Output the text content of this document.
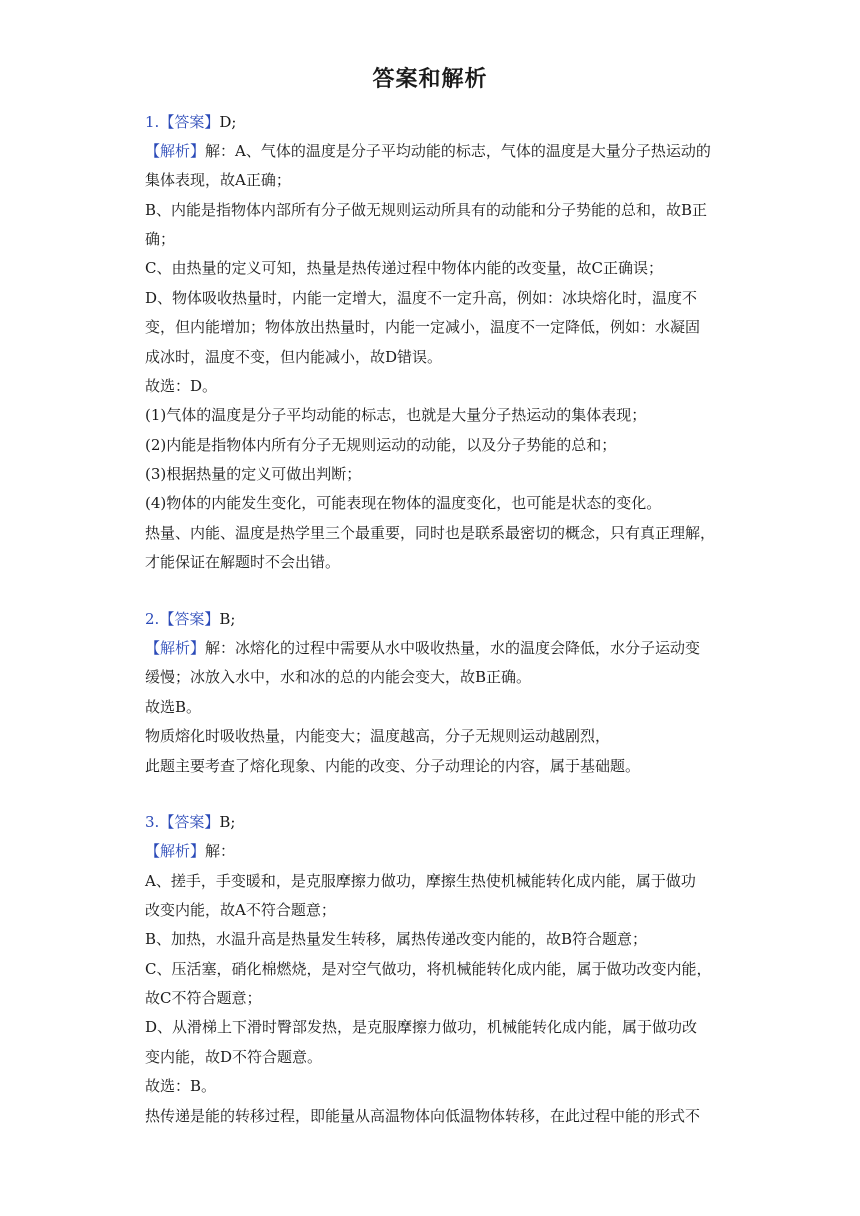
答案和解析
1.【答案】D;
【解析】解：A、气体的温度是分子平均动能的标志，气体的温度是大量分子热运动的
集体表现，故A正确；
B、内能是指物体内部所有分子做无规则运动所具有的动能和分子势能的总和，故B正
确；
C、由热量的定义可知，热量是热传递过程中物体内能的改变量，故C正确误；
D、物体吸收热量时，内能一定增大，温度不一定升高，例如：冰块熔化时，温度不
变，但内能增加；物体放出热量时，内能一定减小，温度不一定降低，例如：水凝固
成冰时，温度不变，但内能减小，故D错误。
故选：D。
(1)气体的温度是分子平均动能的标志，也就是大量分子热运动的集体表现；
(2)内能是指物体内所有分子无规则运动的动能，以及分子势能的总和；
(3)根据热量的定义可做出判断；
(4)物体的内能发生变化，可能表现在物体的温度变化，也可能是状态的变化。
热量、内能、温度是热学里三个最重要，同时也是联系最密切的概念，只有真正理解，
才能保证在解题时不会出错。
2.【答案】B;
【解析】解：冰熔化的过程中需要从水中吸收热量，水的温度会降低，水分子运动变
缓慢；冰放入水中，水和冰的总的内能会变大，故B正确。
故选B。
物质熔化时吸收热量，内能变大；温度越高，分子无规则运动越剧烈，
此题主要考查了熔化现象、内能的改变、分子动理论的内容，属于基础题。
3.【答案】B;
【解析】解：
A、搓手，手变暖和，是克服摩擦力做功，摩擦生热使机械能转化成内能，属于做功
改变内能，故A不符合题意；
B、加热，水温升高是热量发生转移，属热传递改变内能的，故B符合题意；
C、压活塞，硝化棉燃烧，是对空气做功，将机械能转化成内能，属于做功改变内能，
故C不符合题意；
D、从滑梯上下滑时臀部发热，是克服摩擦力做功，机械能转化成内能，属于做功改
变内能，故D不符合题意。
故选：B。
热传递是能的转移过程，即能量从高温物体向低温物体转移，在此过程中能的形式不
